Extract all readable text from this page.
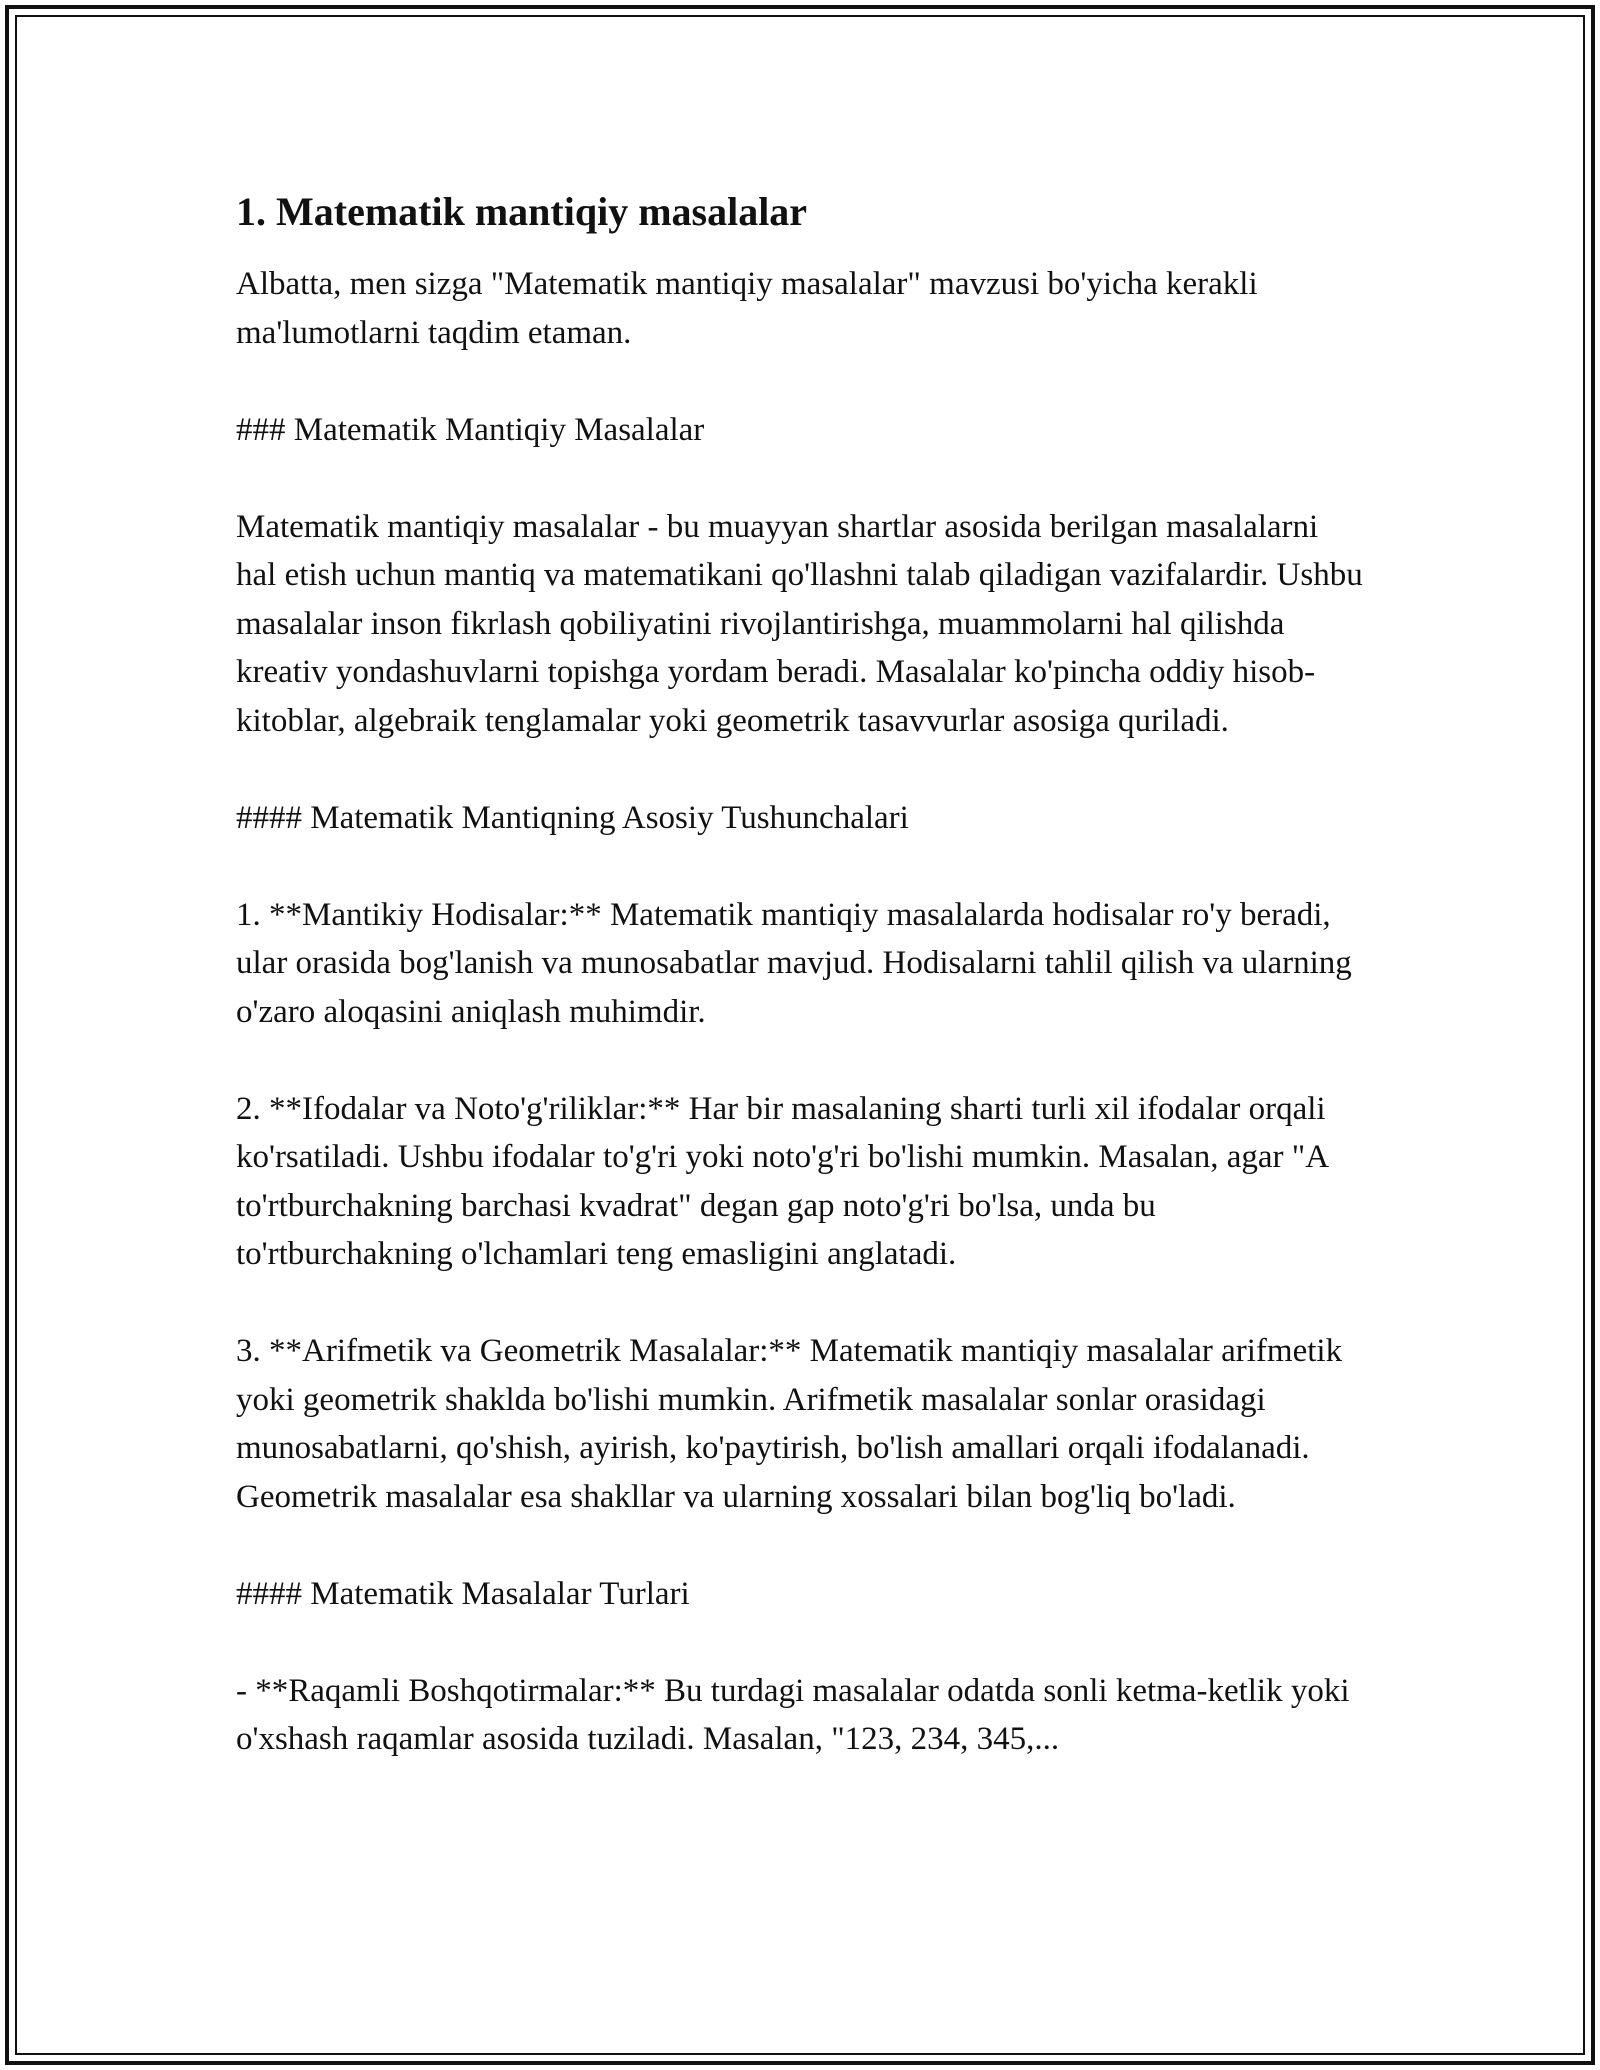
1. Matematik mantiqiy masalalar

Albatta, men sizga "Matematik mantiqiy masalalar" mavzusi bo'yicha kerakli ma'lumotlarni taqdim etaman.

### Matematik Mantiqiy Masalalar

Matematik mantiqiy masalalar - bu muayyan shartlar asosida berilgan masalalarni hal etish uchun mantiq va matematikani qo'llashni talab qiladigan vazifalardir. Ushbu masalalar inson fikrlash qobiliyatini rivojlantirishga, muammolarni hal qilishda kreativ yondashuvlarni topishga yordam beradi. Masalalar ko'pincha oddiy hisob-kitoblar, algebraik tenglamalar yoki geometrik tasavvurlar asosiga quriladi.

#### Matematik Mantiqning Asosiy Tushunchalari

1. **Mantikiy Hodisalar:** Matematik mantiqiy masalalarda hodisalar ro'y beradi, ular orasida bog'lanish va munosabatlar mavjud. Hodisalarni tahlil qilish va ularning o'zaro aloqasini aniqlash muhimdir.

2. **Ifodalar va Noto'g'riliklar:** Har bir masalaning sharti turli xil ifodalar orqali ko'rsatiladi. Ushbu ifodalar to'g'ri yoki noto'g'ri bo'lishi mumkin. Masalan, agar "A to'rtburchakning barchasi kvadrat" degan gap noto'g'ri bo'lsa, unda bu to'rtburchakning o'lchamlari teng emasligini anglatadi.

3. **Arifmetik va Geometrik Masalalar:** Matematik mantiqiy masalalar arifmetik yoki geometrik shaklda bo'lishi mumkin. Arifmetik masalalar sonlar orasidagi munosabatlarni, qo'shish, ayirish, ko'paytirish, bo'lish amallari orqali ifodalanadi. Geometrik masalalar esa shakllar va ularning xossalari bilan bog'liq bo'ladi.

#### Matematik Masalalar Turlari

- **Raqamli Boshqotirmalar:** Bu turdagi masalalar odatda sonli ketma-ketlik yoki o'xshash raqamlar asosida tuziladi. Masalan, "123, 234, 345,...
